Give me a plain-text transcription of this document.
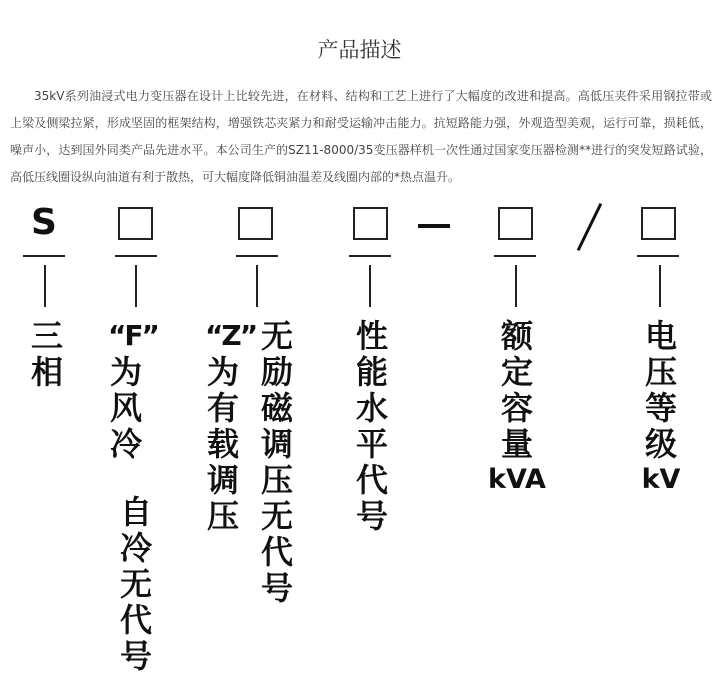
产品描述

35kV系列油浸式电力变压器在设计上比较先进，在材料、结构和工艺上进行了大幅度的改进和提高。高低压夹件采用钢拉带或上梁及侧梁拉紧，形成坚固的框架结构，增强铁芯夹紧力和耐受运输冲击能力。抗短路能力强，外观造型美观，运行可靠，损耗低，噪声小，达到国外同类产品先进水平。本公司生产的SZ11-8000/35变压器样机一次性通过国家变压器检测**进行的突发短路试验，高低压线圈设纵向油道有利于散热，可大幅度降低铜油温差及线圈内部的*热点温升。

S
三相
“F”
为风冷
自冷无代号
“Z”
为有载调压
无励磁调压无代号
性能水平代号
额定容量
kVA
电压等级
kV
